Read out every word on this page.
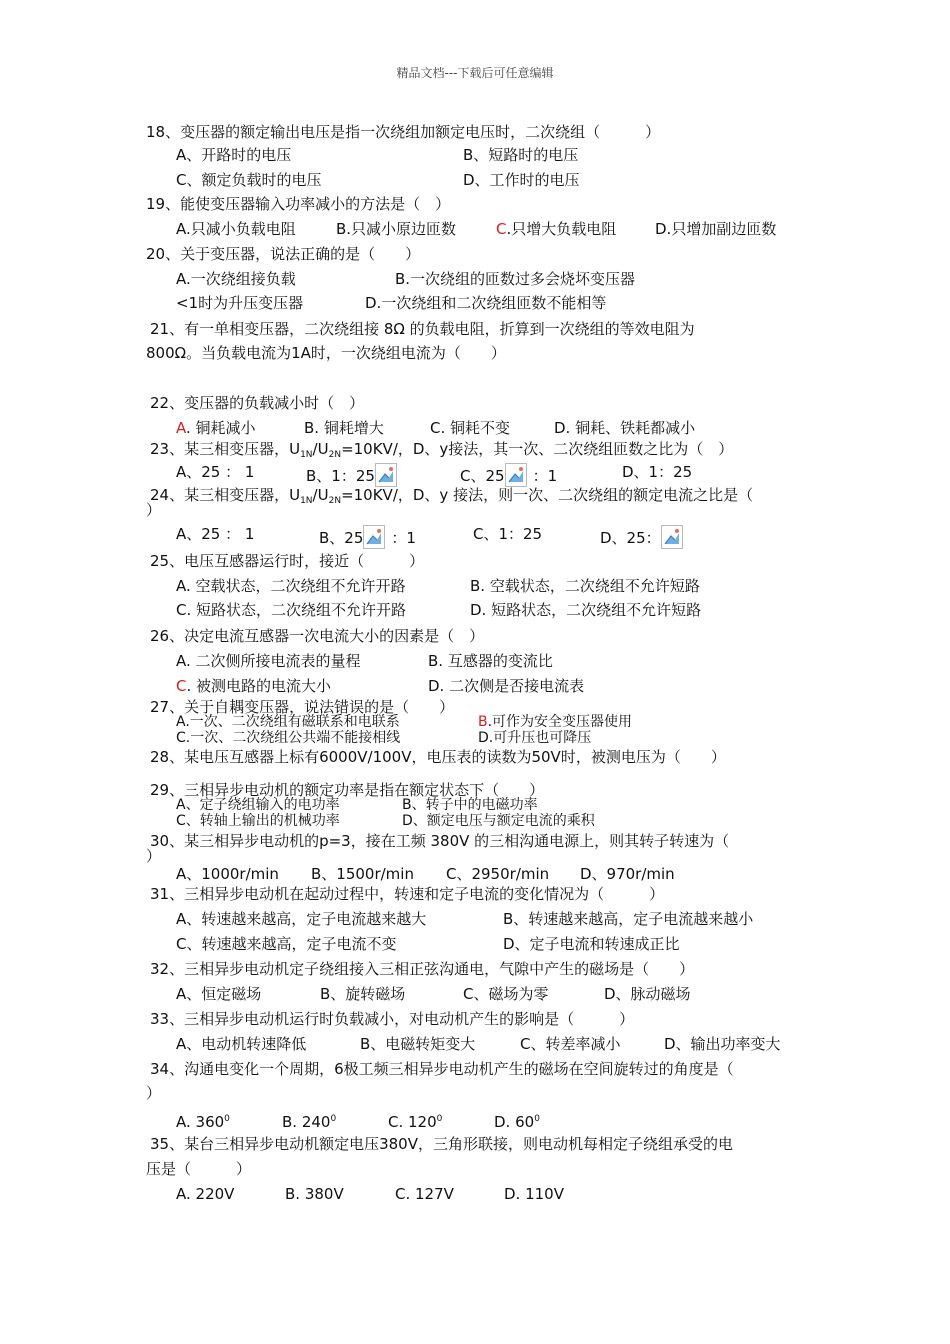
精品文档---下载后可任意编辑
18、变压器的额定输出电压是指一次绕组加额定电压时，二次绕组（　　　）
A、开路时的电压	B、短路时的电压
C、额定负载时的电压	D、工作时的电压
19、能使变压器输入功率减小的方法是（　）
A.只减小负载电阻	B.只减小原边匝数	C.只增大负载电阻	D.只增加副边匝数
20、关于变压器，说法正确的是（　　）
A.一次绕组接负载	B.一次绕组的匝数过多会烧坏变压器
<1时为升压变压器	D.一次绕组和二次绕组匝数不能相等
21、有一单相变压器，二次绕组接 8Ω 的负载电阻，折算到一次绕组的等效电阻为
800Ω。当负载电流为1A时，一次绕组电流为（　　）
22、变压器的负载减小时（　）
A. 铜耗减小	B. 铜耗增大	C. 铜耗不变	D. 铜耗、铁耗都减小
23、某三相变压器，$U_{1N}/U_{2N}=10KV/$，D、y接法，其一次、二次绕组匝数之比为（　）
A、25 ： 1	B、1：25	C、25 ：1	D、1：25
24、某三相变压器，$U_{1N}/U_{2N}=10KV/$，D、y 接法，则一次、二次绕组的额定电流之比是（
）
A、25 ： 1	B、25 ：1	C、1：25	D、25：
25、电压互感器运行时，接近（　　　）
A. 空载状态，二次绕组不允许开路	B. 空载状态，二次绕组不允许短路
C. 短路状态，二次绕组不允许开路	D. 短路状态，二次绕组不允许短路
26、决定电流互感器一次电流大小的因素是（　）
A. 二次侧所接电流表的量程	B. 互感器的变流比
C. 被测电路的电流大小	D. 二次侧是否接电流表
27、关于自耦变压器，说法错误的是（　　）
A.一次、二次绕组有磁联系和电联系	B.可作为安全变压器使用
C.一次、二次绕组公共端不能接相线	D.可升压也可降压
28、某电压互感器上标有6000V/100V，电压表的读数为50V时，被测电压为（　　）
29、三相异步电动机的额定功率是指在额定状态下（　　）
A、定子绕组输入的电功率	B、转子中的电磁功率
C、转轴上输出的机械功率	D、额定电压与额定电流的乘积
30、某三相异步电动机的p=3，接在工频 380V 的三相沟通电源上，则其转子转速为（
）
A、1000r/min B、1500r/min C、2950r/min D、970r/min
31、三相异步电动机在起动过程中，转速和定子电流的变化情况为（　　　）
A、转速越来越高，定子电流越来越大	B、转速越来越高，定子电流越来越小
C、转速越来越高，定子电流不变	D、定子电流和转速成正比
32、三相异步电动机定子绕组接入三相正弦沟通电，气隙中产生的磁场是（　　）
A、恒定磁场	B、旋转磁场	C、磁场为零	D、脉动磁场
33、三相异步电动机运行时负载减小，对电动机产生的影响是（　　　）
A、电动机转速降低	B、电磁转矩变大	C、转差率减小	D、输出功率变大
34、沟通电变化一个周期，6极工频三相异步电动机产生的磁场在空间旋转过的角度是（
）
A. $360^0$	B. $240^0$	C. $120^0$	D. $60^0$
35、某台三相异步电动机额定电压380V，三角形联接，则电动机每相定子绕组承受的电
压是（　　　）
A. 220V	B. 380V	C. 127V	D. 110V
